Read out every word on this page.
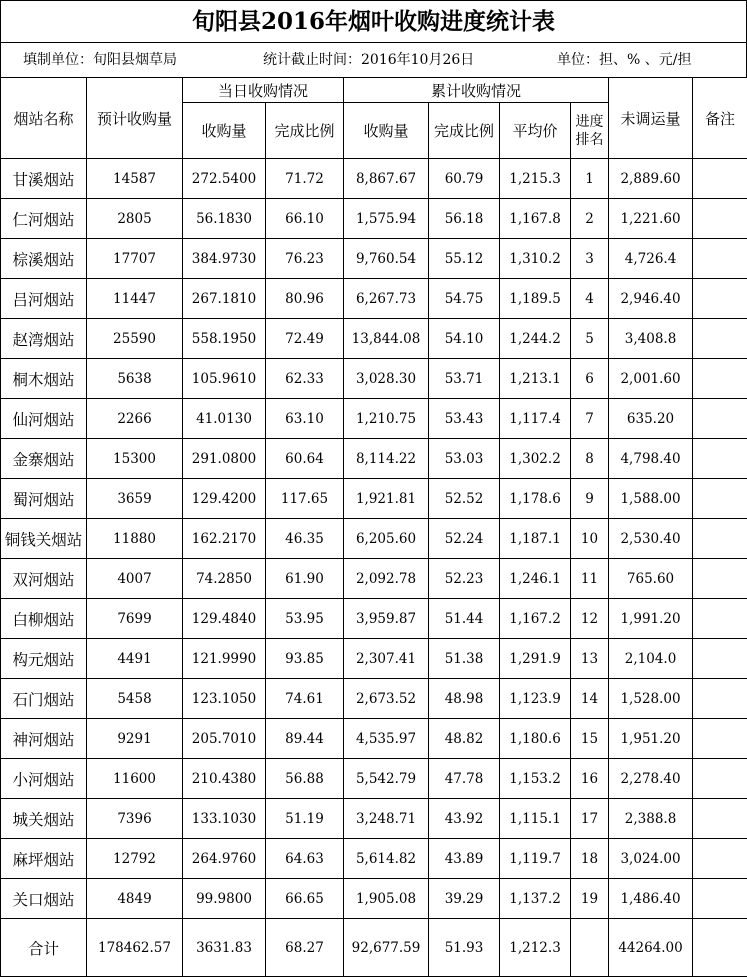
旬阳县2016年烟叶收购进度统计表
填制单位：旬阳县烟草局	统计截止时间：2016年10月26日	单位：担、% 、元/担
烟站名称	预计收购量	当日收购情况		累计收购情况				未调运量	备注
		收购量	完成比例	收购量	完成比例	平均价	进度排名		
甘溪烟站	14587	272.5400	71.72	8,867.67	60.79	1,215.3	1	2,889.60	
仁河烟站	2805	56.1830	66.10	1,575.94	56.18	1,167.8	2	1,221.60	
棕溪烟站	17707	384.9730	76.23	9,760.54	55.12	1,310.2	3	4,726.4	
吕河烟站	11447	267.1810	80.96	6,267.73	54.75	1,189.5	4	2,946.40	
赵湾烟站	25590	558.1950	72.49	13,844.08	54.10	1,244.2	5	3,408.8	
桐木烟站	5638	105.9610	62.33	3,028.30	53.71	1,213.1	6	2,001.60	
仙河烟站	2266	41.0130	63.10	1,210.75	53.43	1,117.4	7	635.20	
金寨烟站	15300	291.0800	60.64	8,114.22	53.03	1,302.2	8	4,798.40	
蜀河烟站	3659	129.4200	117.65	1,921.81	52.52	1,178.6	9	1,588.00	
铜钱关烟站	11880	162.2170	46.35	6,205.60	52.24	1,187.1	10	2,530.40	
双河烟站	4007	74.2850	61.90	2,092.78	52.23	1,246.1	11	765.60	
白柳烟站	7699	129.4840	53.95	3,959.87	51.44	1,167.2	12	1,991.20	
构元烟站	4491	121.9990	93.85	2,307.41	51.38	1,291.9	13	2,104.0	
石门烟站	5458	123.1050	74.61	2,673.52	48.98	1,123.9	14	1,528.00	
神河烟站	9291	205.7010	89.44	4,535.97	48.82	1,180.6	15	1,951.20	
小河烟站	11600	210.4380	56.88	5,542.79	47.78	1,153.2	16	2,278.40	
城关烟站	7396	133.1030	51.19	3,248.71	43.92	1,115.1	17	2,388.8	
麻坪烟站	12792	264.9760	64.63	5,614.82	43.89	1,119.7	18	3,024.00	
关口烟站	4849	99.9800	66.65	1,905.08	39.29	1,137.2	19	1,486.40	
合计	178462.57	3631.83	68.27	92,677.59	51.93	1,212.3		44264.00	
